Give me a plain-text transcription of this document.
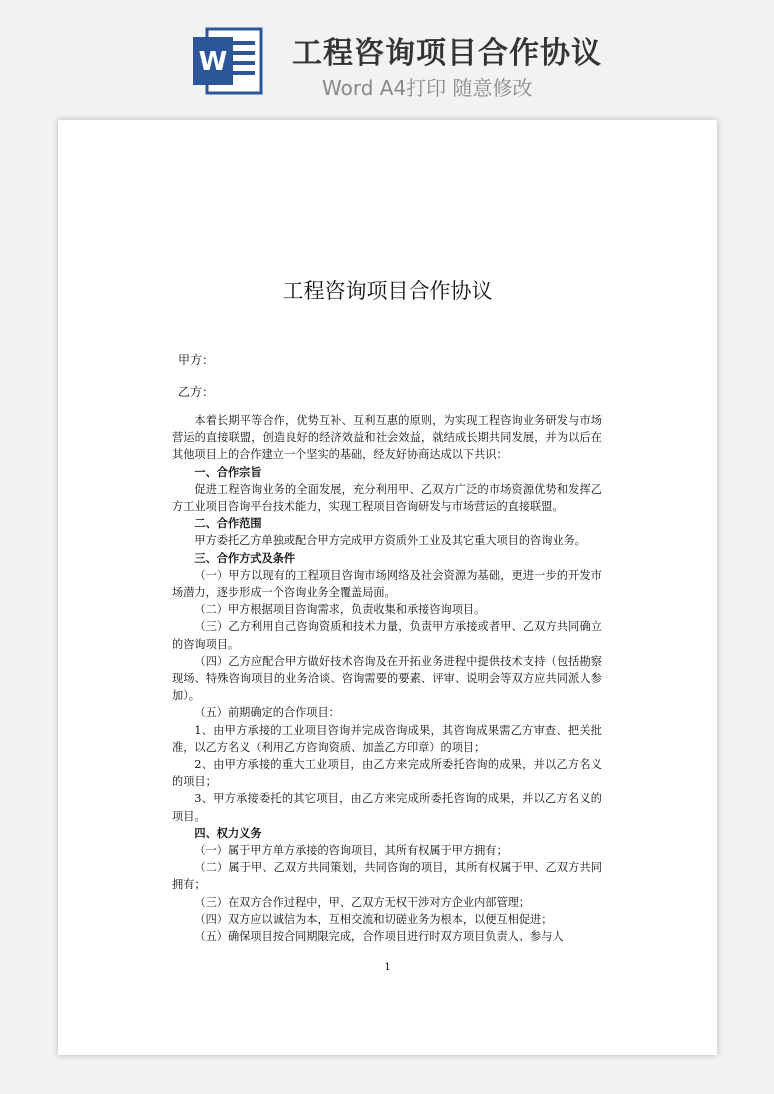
W 工程咨询项目合作协议
Word A4打印 随意修改
工程咨询项目合作协议
甲方：
乙方：

本着长期平等合作，优势互补、互利互惠的原则，为实现工程咨询业务研发与市场营运的直接联盟，创造良好的经济效益和社会效益，就结成长期共同发展，并为以后在其他项目上的合作建立一个坚实的基础，经友好协商达成以下共识：

一、合作宗旨

促进工程咨询业务的全面发展，充分利用甲、乙双方广泛的市场资源优势和发挥乙方工业项目咨询平台技术能力，实现工程项目咨询研发与市场营运的直接联盟。

二、合作范围

甲方委托乙方单独或配合甲方完成甲方资质外工业及其它重大项目的咨询业务。

三、合作方式及条件

（一）甲方以现有的工程项目咨询市场网络及社会资源为基础，更进一步的开发市场潜力，逐步形成一个咨询业务全覆盖局面。

（二）甲方根据项目咨询需求，负责收集和承接咨询项目。

（三）乙方利用自己咨询资质和技术力量，负责甲方承接或者甲、乙双方共同确立的咨询项目。

（四）乙方应配合甲方做好技术咨询及在开拓业务进程中提供技术支持（包括勘察现场、特殊咨询项目的业务洽谈、咨询需要的要素、评审、说明会等双方应共同派人参加）。

（五）前期确定的合作项目：

1、由甲方承接的工业项目咨询并完成咨询成果，其咨询成果需乙方审查、把关批准，以乙方名义（利用乙方咨询资质、加盖乙方印章）的项目；

2、由甲方承接的重大工业项目，由乙方来完成所委托咨询的成果，并以乙方名义的项目；

3、甲方承接委托的其它项目，由乙方来完成所委托咨询的成果，并以乙方名义的项目。

四、权力义务

（一）属于甲方单方承接的咨询项目，其所有权属于甲方拥有；

（二）属于甲、乙双方共同策划，共同咨询的项目，其所有权属于甲、乙双方共同拥有；

（三）在双方合作过程中，甲、乙双方无权干涉对方企业内部管理；

（四）双方应以诚信为本，互相交流和切磋业务为根本，以便互相促进；

（五）确保项目按合同期限完成，合作项目进行时双方项目负责人、参与人

1
